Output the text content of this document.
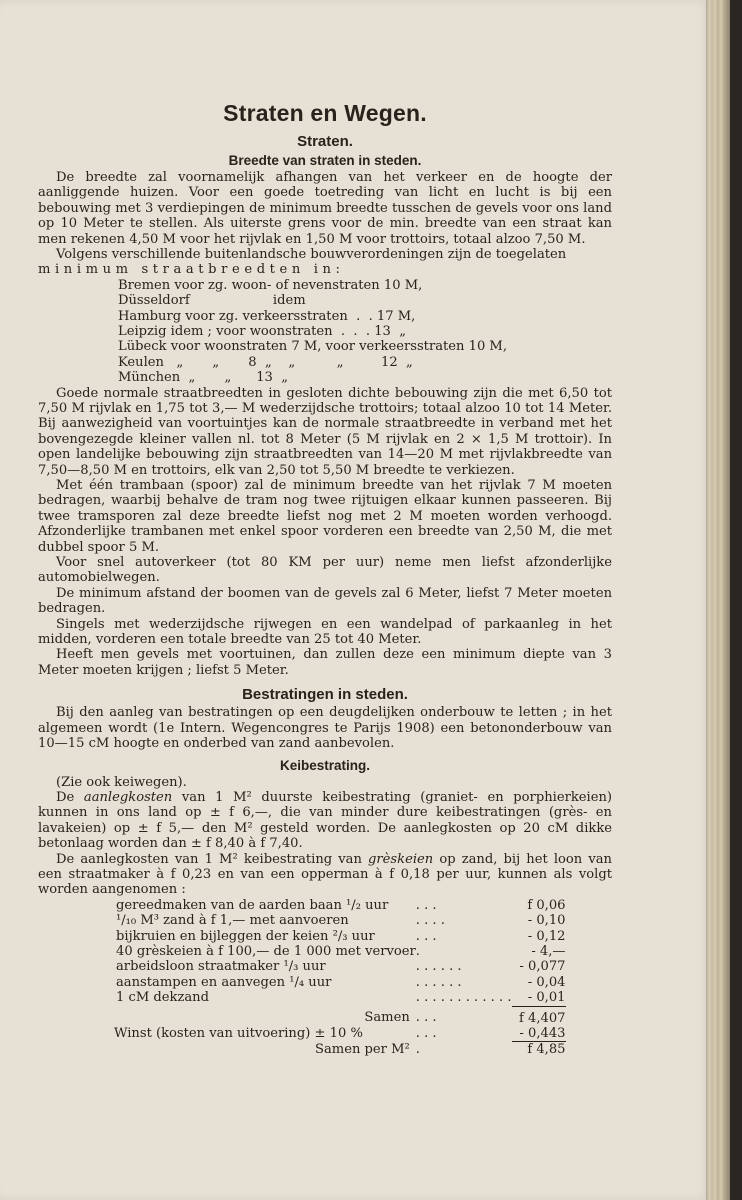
Straten en Wegen.
Straten.
Breedte van straten in steden.

De breedte zal voornamelijk afhangen van het verkeer en de hoogte der aanliggende huizen. Voor een goede toetreding van licht en lucht is bij een bebouwing met 3 verdiepingen de minimum breedte tusschen de gevels voor ons land op 10 Meter te stellen. Als uiterste grens voor de min. breedte van een straat kan men rekenen 4,50 M voor het rijvlak en 1,50 M voor trottoirs, totaal alzoo 7,50 M.

Volgens verschillende buitenlandsche bouwverordeningen zijn de toegelaten

minimum straatbreedten in:

Bremen voor zg. woon- of nevenstraten 10 M,
Düsseldorf                    idem
Hamburg voor zg. verkeersstraten  .  . 17 M,
Leipzig idem ; voor woonstraten  .  .  . 13  „
Lübeck voor woonstraten 7 M, voor verkeersstraten 10 M,
Keulen   „       „       8  „    „          „         12  „
München  „       „      13  „

Goede normale straatbreedten in gesloten dichte bebouwing zijn die met 6,50 tot 7,50 M rijvlak en 1,75 tot 3,— M wederzijdsche trottoirs; totaal alzoo 10 tot 14 Meter. Bij aanwezigheid van voortuintjes kan de normale straatbreedte in verband met het bovengezegde kleiner vallen nl. tot 8 Meter (5 M rijvlak en 2 × 1,5 M trottoir). In open landelijke bebouwing zijn straatbreedten van 14—20 M met rijvlakbreedte van 7,50—8,50 M en trottoirs, elk van 2,50 tot 5,50 M breedte te verkiezen.

Met één trambaan (spoor) zal de minimum breedte van het rijvlak 7 M moeten bedragen, waarbij behalve de tram nog twee rijtuigen elkaar kunnen passeeren. Bij twee tramsporen zal deze breedte liefst nog met 2 M moeten worden verhoogd. Afzonderlijke trambanen met enkel spoor vorderen een breedte van 2,50 M, die met dubbel spoor 5 M.

Voor snel autoverkeer (tot 80 KM per uur) neme men liefst afzonderlijke automobielwegen.

De minimum afstand der boomen van de gevels zal 6 Meter, liefst 7 Meter moeten bedragen.

Singels met wederzijdsche rijwegen en een wandelpad of parkaanleg in het midden, vorderen een totale breedte van 25 tot 40 Meter.

Heeft men gevels met voortuinen, dan zullen deze een minimum diepte van 3 Meter moeten krijgen ; liefst 5 Meter.

Bestratingen in steden.

Bij den aanleg van bestratingen op een deugdelijken onderbouw te letten ; in het algemeen wordt (1e Intern. Wegencongres te Parijs 1908) een betononderbouw van 10—15 cM hoogte en onderbed van zand aanbevolen.

Keibestrating.

(Zie ook keiwegen).

De aanlegkosten van 1 M² duurste keibestrating (graniet- en porphierkeien) kunnen in ons land op ± f 6,—, die van minder dure keibestratingen (grès- en lavakeien) op ± f 5,— den M² gesteld worden. De aanlegkosten op 20 cM dikke betonlaag worden dan ± f 8,40 à f 7,40.

De aanlegkosten van 1 M² keibestrating van grèskeien op zand, bij het loon van een straatmaker à f 0,23 en van een opperman à f 0,18 per uur, kunnen als volgt worden aangenomen :

gereedmaken van de aarden baan ¹/₂ uur	. . .	f 0,06
¹/₁₀ M³ zand à f 1,— met aanvoeren	. . . .	- 0,10
bijkruien en bijleggen der keien ²/₃ uur	. . .	- 0,12
40 grèskeien à f 100,— de 1 000 met vervoer	.	- 4,—
arbeidsloon straatmaker ¹/₃ uur	. . . . . .	- 0,077
aanstampen en aanvegen ¹/₄ uur	. . . . . .	- 0,04
1 cM dekzand	. . . . . . . . . . . .	- 0,01
Samen	. . .	f 4,407
Winst (kosten van uitvoering) ± 10 %	. . .	- 0,443
Samen per M²	.	f 4,85
